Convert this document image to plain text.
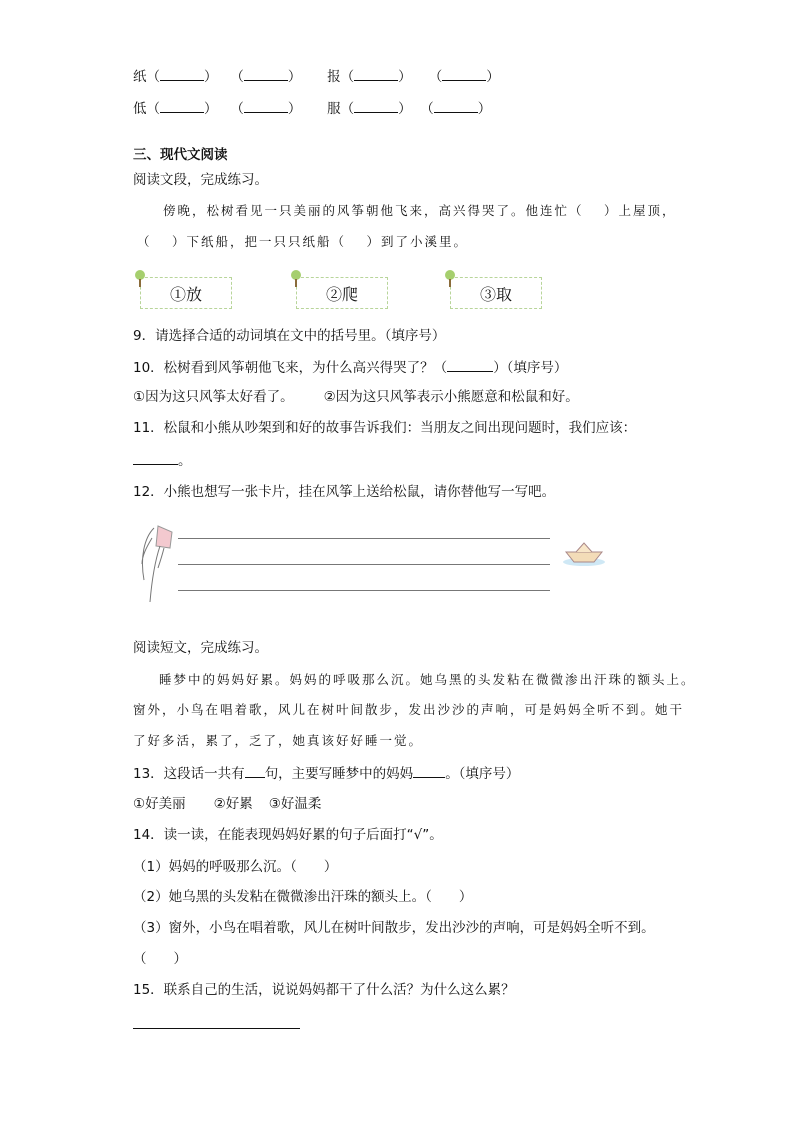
纸（	）   （	）      报（	）    （	）
低（	）   （	）      服（	）  （	）
三、现代文阅读
阅读文段，完成练习。
傍晚，松树看见一只美丽的风筝朝他飞来，高兴得哭了。他连忙（　 ）上屋顶，
（　 ）下纸船，把一只只纸船（　 ）到了小溪里。
①放	②爬	③取
9．请选择合适的动词填在文中的括号里。（填序号）
10．松树看到风筝朝他飞来，为什么高兴得哭了？（	）（填序号）
①因为这只风筝太好看了。 ②因为这只风筝表示小熊愿意和松鼠和好。
11．松鼠和小熊从吵架到和好的故事告诉我们：当朋友之间出现问题时，我们应该：
。
12．小熊也想写一张卡片，挂在风筝上送给松鼠，请你替他写一写吧。
阅读短文，完成练习。
睡梦中的妈妈好累。妈妈的呼吸那么沉。她乌黑的头发粘在微微渗出汗珠的额头上。
窗外，小鸟在唱着歌，风儿在树叶间散步，发出沙沙的声响，可是妈妈全听不到。她干
了好多活，累了，乏了，她真该好好睡一觉。
13．这段话一共有 句，主要写睡梦中的妈妈 。（填序号）
①好美丽 ②好累 ③好温柔
14．读一读，在能表现妈妈好累的句子后面打“√”。
（1）妈妈的呼吸那么沉。（　　）
（2）她乌黑的头发粘在微微渗出汗珠的额头上。（　　）
（3）窗外，小鸟在唱着歌，风儿在树叶间散步，发出沙沙的声响，可是妈妈全听不到。
（　　）
15．联系自己的生活，说说妈妈都干了什么活？为什么这么累？
